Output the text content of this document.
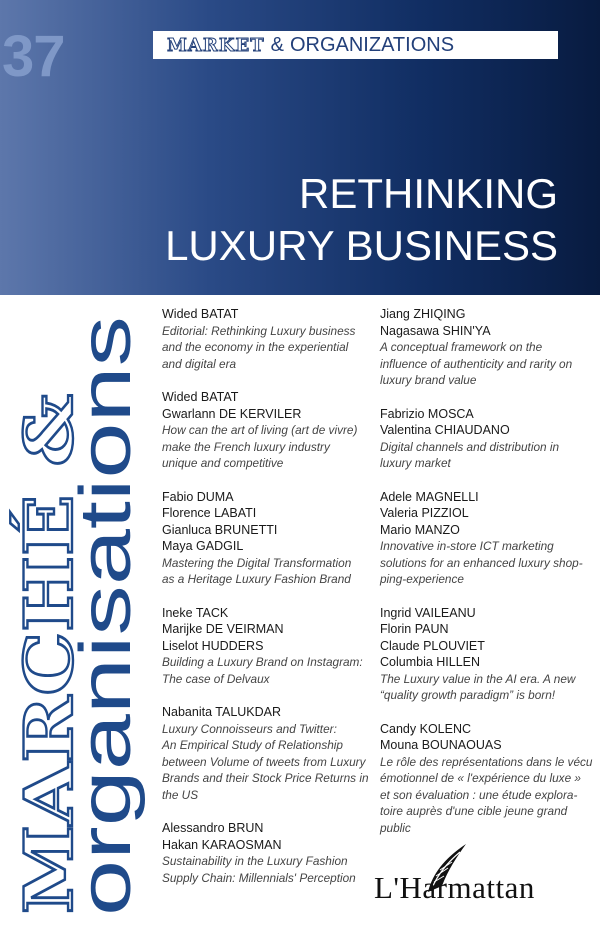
37	MARKET & ORGANIZATIONS
RETHINKING
LUXURY BUSINESS
MARCHÉ &
organisations
Wided BATAT
Editorial: Rethinking Luxury business
and the economy in the experiential
and digital era
Wided BATAT
Gwarlann DE KERVILER
How can the art of living (art de vivre)
make the French luxury industry
unique and competitive
Fabio DUMA
Florence LABATI
Gianluca BRUNETTI
Maya GADGIL
Mastering the Digital Transformation
as a Heritage Luxury Fashion Brand
Ineke TACK
Marijke DE VEIRMAN
Liselot HUDDERS
Building a Luxury Brand on Instagram:
The case of Delvaux
Nabanita TALUKDAR
Luxury Connoisseurs and Twitter:
An Empirical Study of Relationship
between Volume of tweets from Luxury
Brands and their Stock Price Returns in
the US
Alessandro BRUN
Hakan KARAOSMAN
Sustainability in the Luxury Fashion
Supply Chain: Millennials' Perception
Jiang ZHIQING
Nagasawa SHIN'YA
A conceptual framework on the
influence of authenticity and rarity on
luxury brand value
Fabrizio MOSCA
Valentina CHIAUDANO
Digital channels and distribution in
luxury market
Adele MAGNELLI
Valeria PIZZIOL
Mario MANZO
Innovative in-store ICT marketing
solutions for an enhanced luxury shop-
ping-experience
Ingrid VAILEANU
Florin PAUN
Claude PLOUVIET
Columbia HILLEN
The Luxury value in the AI era. A new
“quality growth paradigm” is born!
Candy KOLENC
Mouna BOUNAOUAS
Le rôle des représentations dans le vécu
émotionnel de « l'expérience du luxe »
et son évaluation : une étude explora-
toire auprès d'une cible jeune grand
public
L'Harmattan
